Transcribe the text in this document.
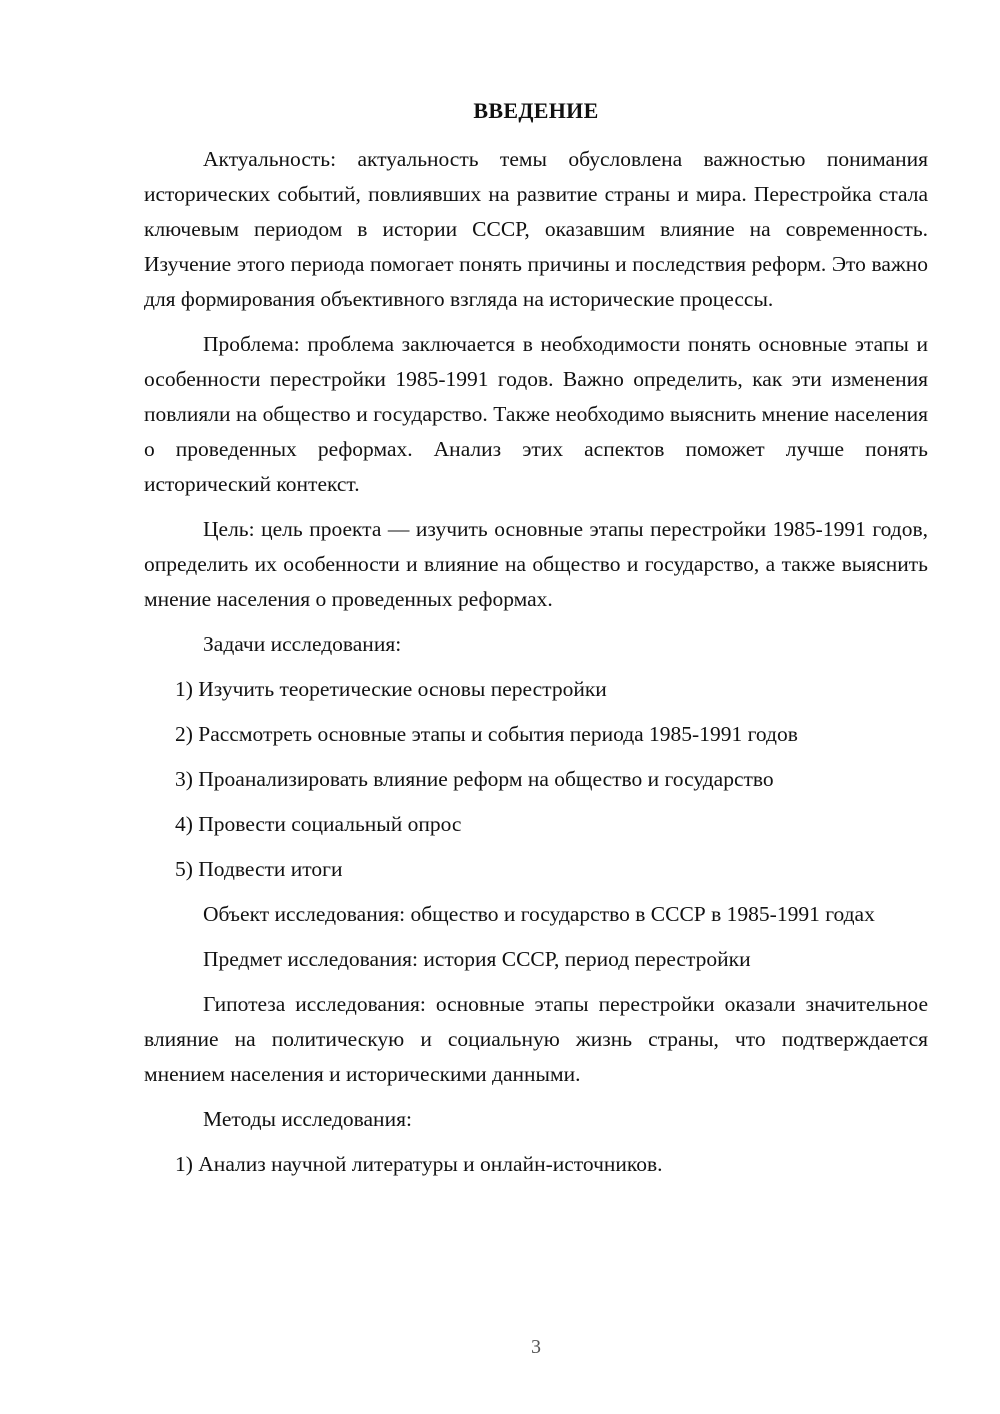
ВВЕДЕНИЕ

Актуальность: актуальность темы обусловлена важностью понимания исторических событий, повлиявших на развитие страны и мира. Перестройка стала ключевым периодом в истории СССР, оказавшим влияние на современность. Изучение этого периода помогает понять причины и последствия реформ. Это важно для формирования объективного взгляда на исторические процессы.

Проблема: проблема заключается в необходимости понять основные этапы и особенности перестройки 1985-1991 годов. Важно определить, как эти изменения повлияли на общество и государство. Также необходимо выяснить мнение населения о проведенных реформах. Анализ этих аспектов поможет лучше понять исторический контекст.

Цель: цель проекта — изучить основные этапы перестройки 1985-1991 годов, определить их особенности и влияние на общество и государство, а также выяснить мнение населения о проведенных реформах.

Задачи исследования:

1) Изучить теоретические основы перестройки

2) Рассмотреть основные этапы и события периода 1985-1991 годов

3) Проанализировать влияние реформ на общество и государство

4) Провести социальный опрос

5) Подвести итоги

Объект исследования: общество и государство в СССР в 1985-1991 годах

Предмет исследования: история СССР, период перестройки

Гипотеза исследования: основные этапы перестройки оказали значительное влияние на политическую и социальную жизнь страны, что подтверждается мнением населения и историческими данными.

Методы исследования:

1) Анализ научной литературы и онлайн-источников.

3
